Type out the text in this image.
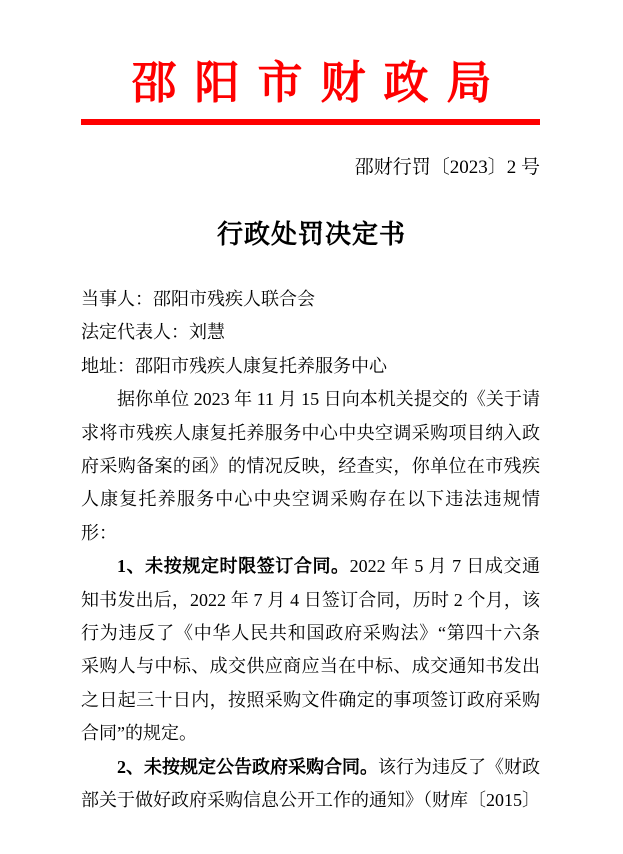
邵阳市财政局
邵财行罚〔2023〕2 号
行政处罚决定书

当事人：邵阳市残疾人联合会

法定代表人：刘慧

地址：邵阳市残疾人康复托养服务中心

据你单位 2023 年 11 月 15 日向本机关提交的《关于请求将市残疾人康复托养服务中心中央空调采购项目纳入政府采购备案的函》的情况反映，经查实，你单位在市残疾人康复托养服务中心中央空调采购存在以下违法违规情形：

1、未按规定时限签订合同。2022 年 5 月 7 日成交通知书发出后，2022 年 7 月 4 日签订合同，历时 2 个月，该行为违反了《中华人民共和国政府采购法》“第四十六条 采购人与中标、成交供应商应当在中标、成交通知书发出之日起三十日内，按照采购文件确定的事项签订政府采购合同”的规定。

2、未按规定公告政府采购合同。该行为违反了《财政部关于做好政府采购信息公开工作的通知》（财库〔2015〕
